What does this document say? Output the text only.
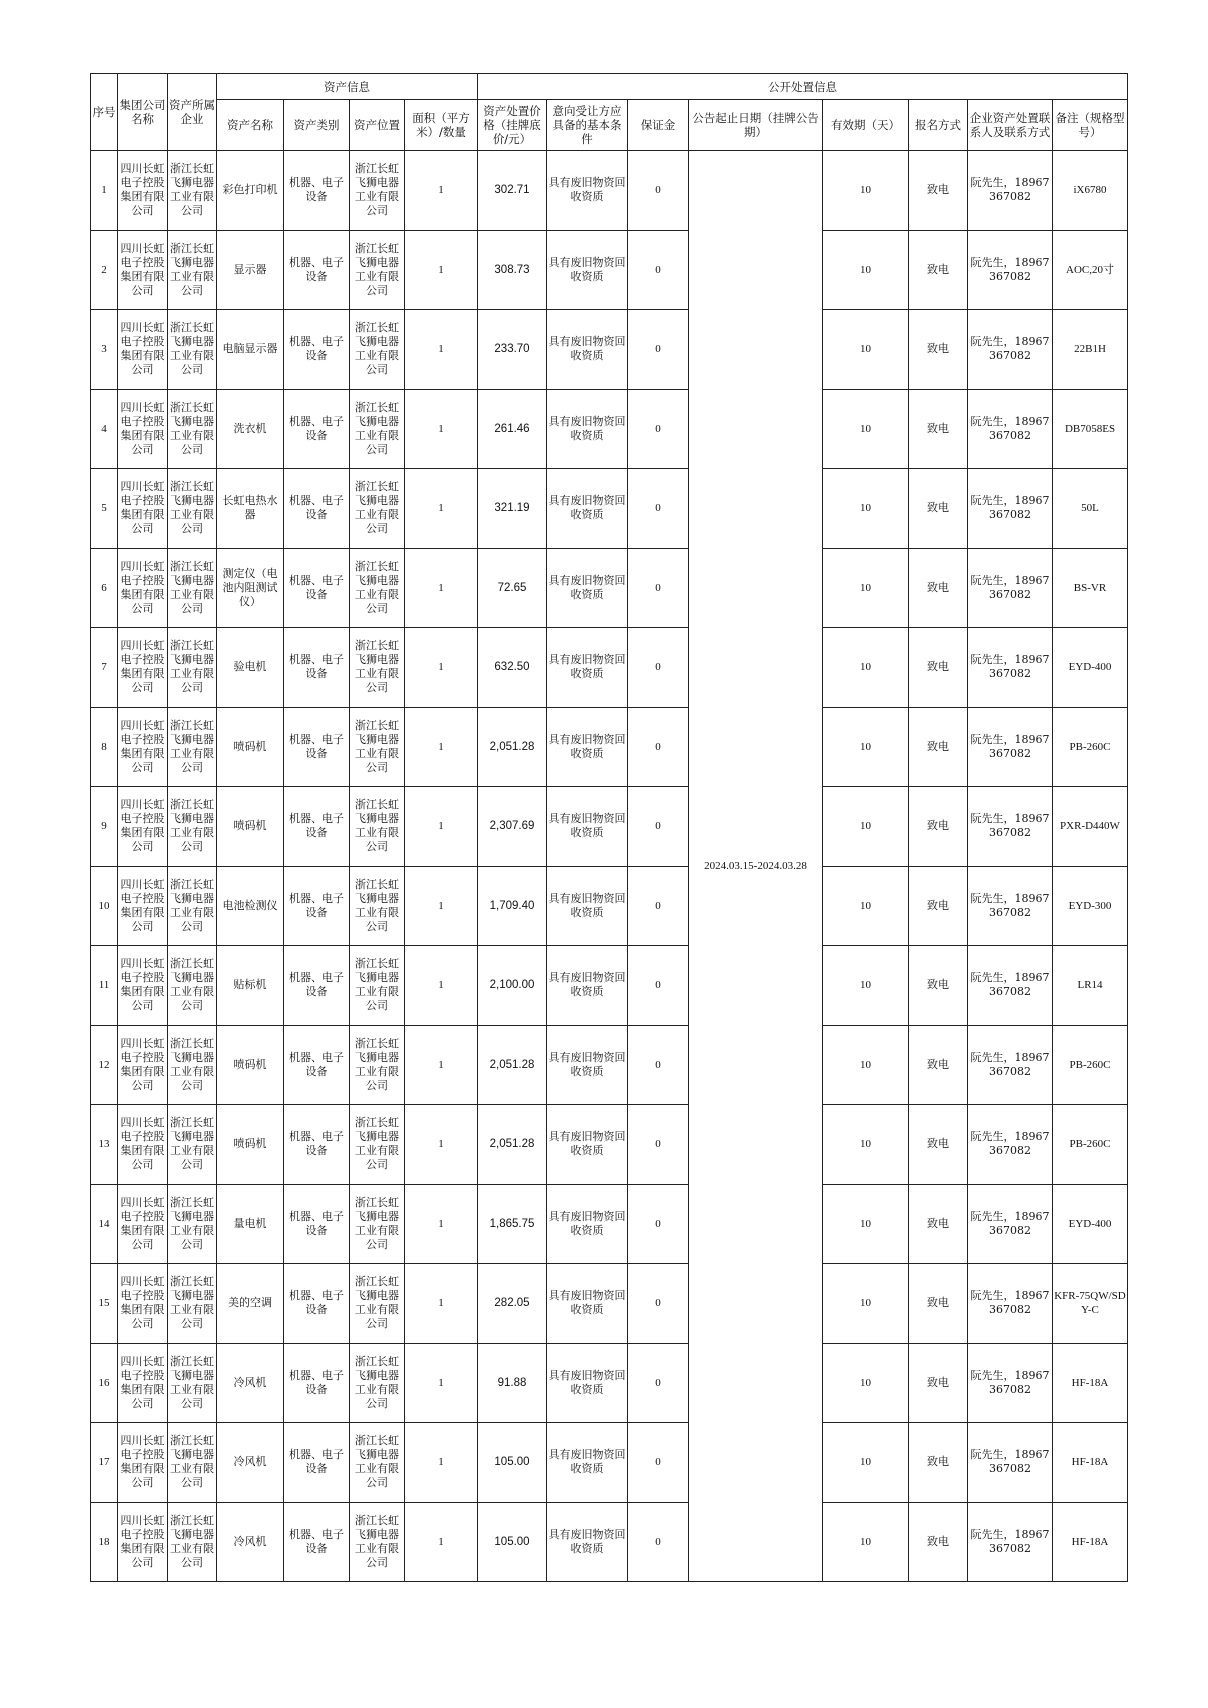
序号	集团公司名称	资产所属企业	资产信息				公开处置信息							
			资产名称	资产类别	资产位置	面积（平方米）/数量	资产处置价格（挂牌底价/元）	意向受让方应具备的基本条件	保证金	公告起止日期（挂牌公告期）	有效期（天）	报名方式	企业资产处置联系人及联系方式	备注（规格型号）
1	四川长虹电子控股集团有限公司	浙江长虹飞狮电器工业有限公司	彩色打印机	机器、电子设备	浙江长虹飞狮电器工业有限公司	1	302.71	具有废旧物资回收资质	0	2024.03.15-2024.03.28	10	致电	阮先生，18967367082	iX6780
2	四川长虹电子控股集团有限公司	浙江长虹飞狮电器工业有限公司	显示器	机器、电子设备	浙江长虹飞狮电器工业有限公司	1	308.73	具有废旧物资回收资质	0		10	致电	阮先生，18967367082	AOC,20寸
3	四川长虹电子控股集团有限公司	浙江长虹飞狮电器工业有限公司	电脑显示器	机器、电子设备	浙江长虹飞狮电器工业有限公司	1	233.70	具有废旧物资回收资质	0		10	致电	阮先生，18967367082	22B1H
4	四川长虹电子控股集团有限公司	浙江长虹飞狮电器工业有限公司	洗衣机	机器、电子设备	浙江长虹飞狮电器工业有限公司	1	261.46	具有废旧物资回收资质	0		10	致电	阮先生，18967367082	DB7058ES
5	四川长虹电子控股集团有限公司	浙江长虹飞狮电器工业有限公司	长虹电热水器	机器、电子设备	浙江长虹飞狮电器工业有限公司	1	321.19	具有废旧物资回收资质	0		10	致电	阮先生，18967367082	50L
6	四川长虹电子控股集团有限公司	浙江长虹飞狮电器工业有限公司	测定仪（电池内阻测试仪）	机器、电子设备	浙江长虹飞狮电器工业有限公司	1	72.65	具有废旧物资回收资质	0		10	致电	阮先生，18967367082	BS-VR
7	四川长虹电子控股集团有限公司	浙江长虹飞狮电器工业有限公司	验电机	机器、电子设备	浙江长虹飞狮电器工业有限公司	1	632.50	具有废旧物资回收资质	0		10	致电	阮先生，18967367082	EYD-400
8	四川长虹电子控股集团有限公司	浙江长虹飞狮电器工业有限公司	喷码机	机器、电子设备	浙江长虹飞狮电器工业有限公司	1	2,051.28	具有废旧物资回收资质	0		10	致电	阮先生，18967367082	PB-260C
9	四川长虹电子控股集团有限公司	浙江长虹飞狮电器工业有限公司	喷码机	机器、电子设备	浙江长虹飞狮电器工业有限公司	1	2,307.69	具有废旧物资回收资质	0		10	致电	阮先生，18967367082	PXR-D440W
10	四川长虹电子控股集团有限公司	浙江长虹飞狮电器工业有限公司	电池检测仪	机器、电子设备	浙江长虹飞狮电器工业有限公司	1	1,709.40	具有废旧物资回收资质	0		10	致电	阮先生，18967367082	EYD-300
11	四川长虹电子控股集团有限公司	浙江长虹飞狮电器工业有限公司	贴标机	机器、电子设备	浙江长虹飞狮电器工业有限公司	1	2,100.00	具有废旧物资回收资质	0		10	致电	阮先生，18967367082	LR14
12	四川长虹电子控股集团有限公司	浙江长虹飞狮电器工业有限公司	喷码机	机器、电子设备	浙江长虹飞狮电器工业有限公司	1	2,051.28	具有废旧物资回收资质	0		10	致电	阮先生，18967367082	PB-260C
13	四川长虹电子控股集团有限公司	浙江长虹飞狮电器工业有限公司	喷码机	机器、电子设备	浙江长虹飞狮电器工业有限公司	1	2,051.28	具有废旧物资回收资质	0		10	致电	阮先生，18967367082	PB-260C
14	四川长虹电子控股集团有限公司	浙江长虹飞狮电器工业有限公司	量电机	机器、电子设备	浙江长虹飞狮电器工业有限公司	1	1,865.75	具有废旧物资回收资质	0		10	致电	阮先生，18967367082	EYD-400
15	四川长虹电子控股集团有限公司	浙江长虹飞狮电器工业有限公司	美的空调	机器、电子设备	浙江长虹飞狮电器工业有限公司	1	282.05	具有废旧物资回收资质	0		10	致电	阮先生，18967367082	KFR-75QW/SDY-C
16	四川长虹电子控股集团有限公司	浙江长虹飞狮电器工业有限公司	冷风机	机器、电子设备	浙江长虹飞狮电器工业有限公司	1	91.88	具有废旧物资回收资质	0		10	致电	阮先生，18967367082	HF-18A
17	四川长虹电子控股集团有限公司	浙江长虹飞狮电器工业有限公司	冷风机	机器、电子设备	浙江长虹飞狮电器工业有限公司	1	105.00	具有废旧物资回收资质	0		10	致电	阮先生，18967367082	HF-18A
18	四川长虹电子控股集团有限公司	浙江长虹飞狮电器工业有限公司	冷风机	机器、电子设备	浙江长虹飞狮电器工业有限公司	1	105.00	具有废旧物资回收资质	0		10	致电	阮先生，18967367082	HF-18A
